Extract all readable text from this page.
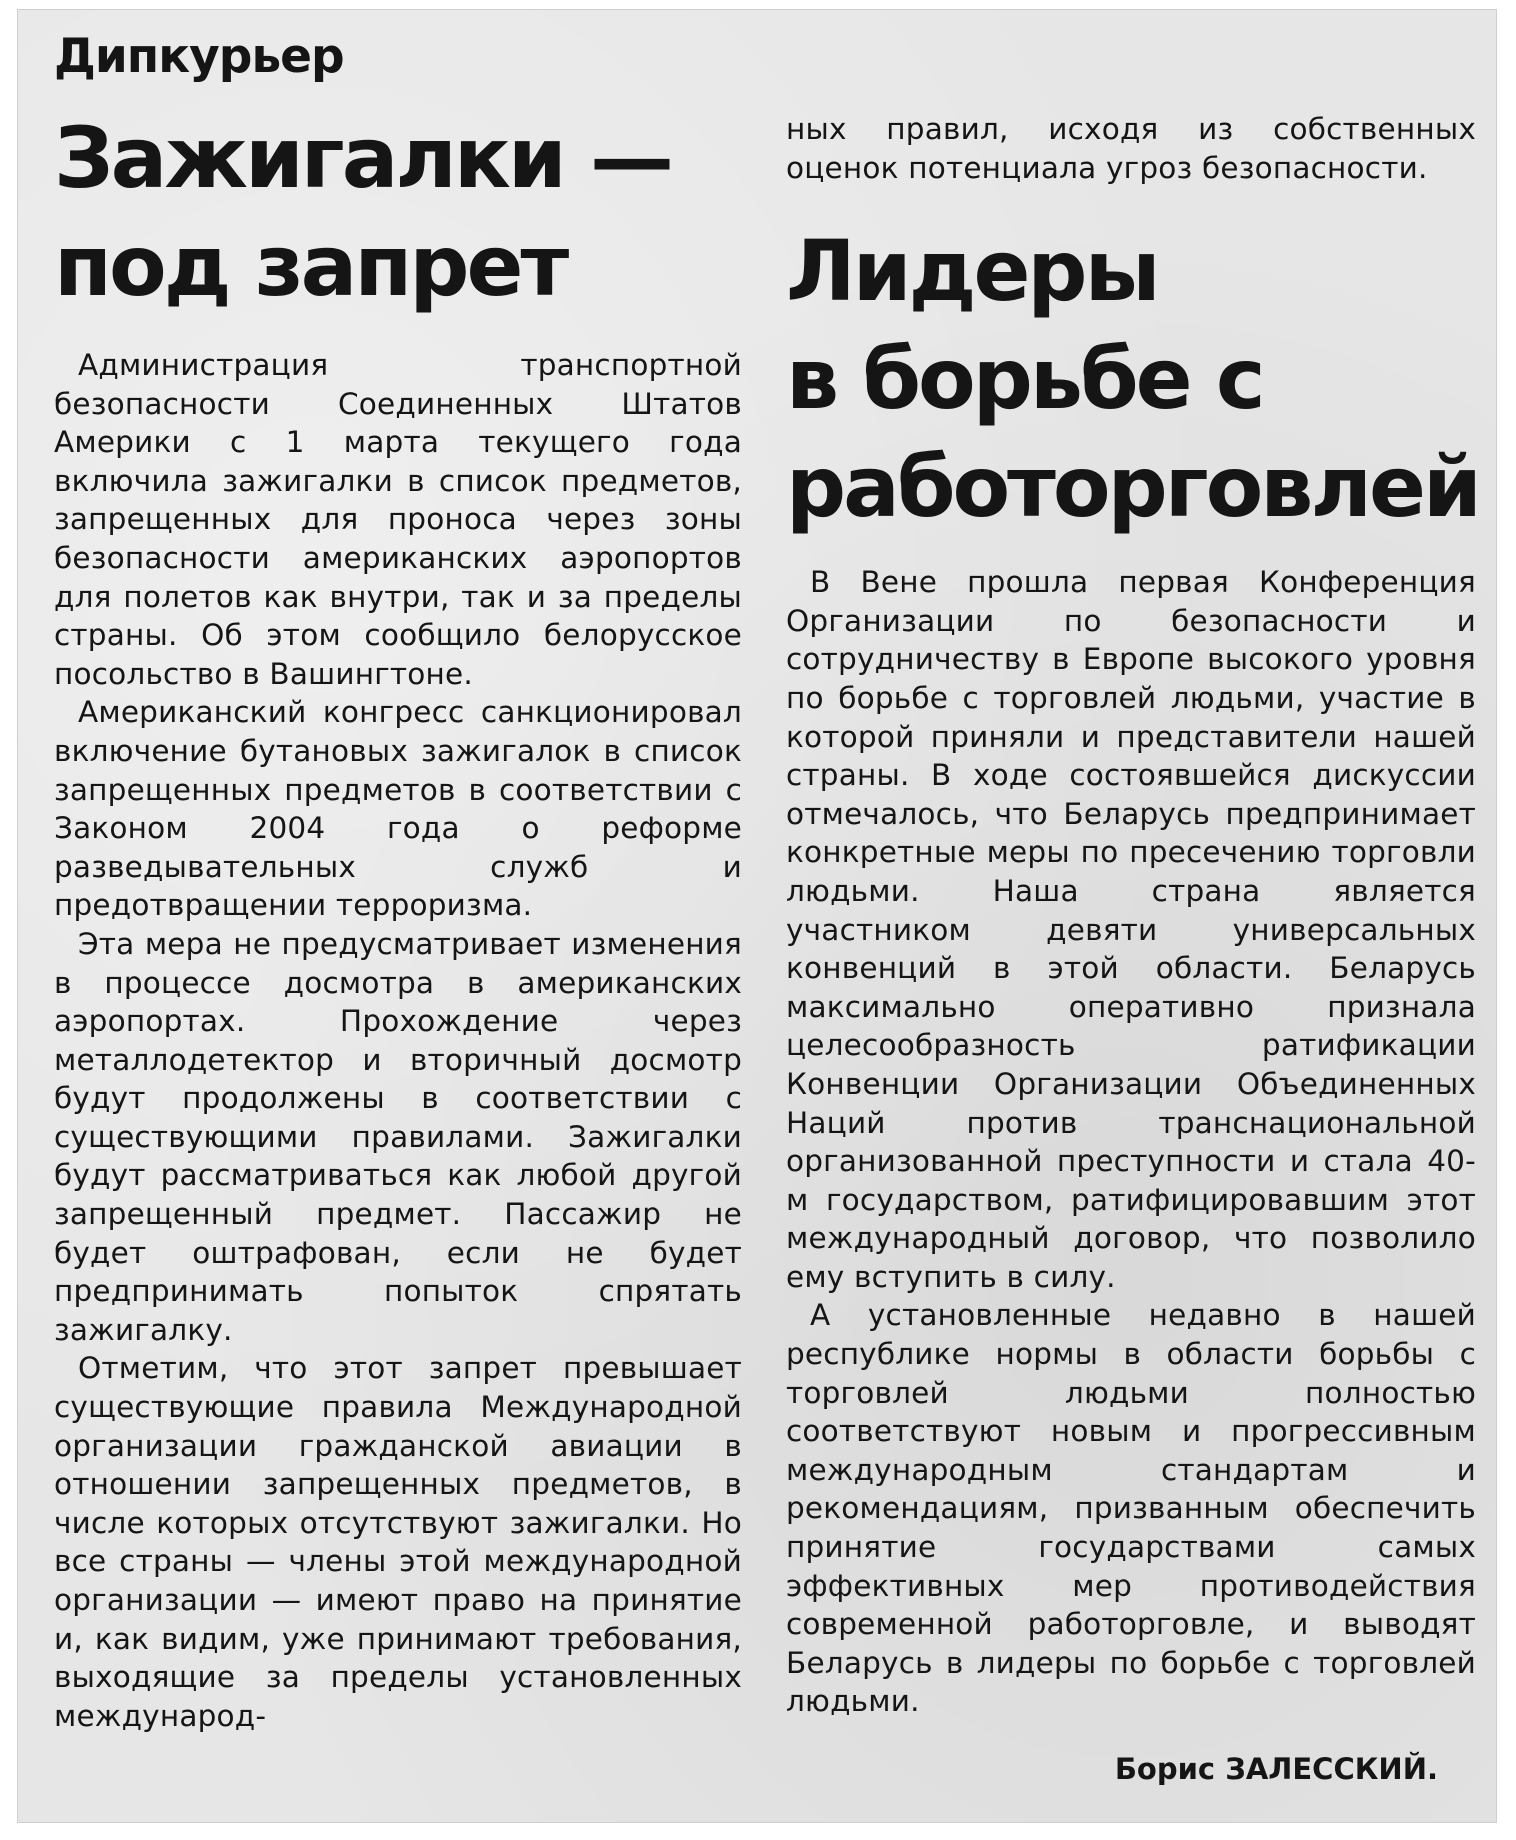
Дипкурьер
Зажигалки —
под запрет

Администрация транспортной безопасности Соединенных Штатов Америки с 1 марта текущего года включила зажигалки в список предметов, запрещенных для проноса через зоны безопасности американских аэропортов для полетов как внутри, так и за пределы страны. Об этом сообщило белорусское посольство в Вашингтоне.

Американский конгресс санкционировал включение бутановых зажигалок в список запрещенных предметов в соответствии с Законом 2004 года о реформе разведывательных служб и предотвращении терроризма.

Эта мера не предусматривает изменения в процессе досмотра в американских аэропортах. Прохождение через металлодетектор и вторичный досмотр будут продолжены в соответствии с существующими правилами. Зажигалки будут рассматриваться как любой другой запрещенный предмет. Пассажир не будет оштрафован, если не будет предпринимать попыток спрятать зажигалку.

Отметим, что этот запрет превышает существующие правила Международной организации гражданской авиации в отношении запрещенных предметов, в числе которых отсутствуют зажигалки. Но все страны — члены этой международной организации — имеют право на принятие и, как видим, уже принимают требования, выходящие за пределы установленных международ-

ных правил, исходя из собственных оценок потенциала угроз безопасности.

Лидеры
в борьбе с
работорговлей

В Вене прошла первая Конференция Организации по безопасности и сотрудничеству в Европе высокого уровня по борьбе с торговлей людьми, участие в которой приняли и представители нашей страны. В ходе состоявшейся дискуссии отмечалось, что Беларусь предпринимает конкретные меры по пресечению торговли людьми. Наша страна является участником девяти универсальных конвенций в этой области. Беларусь максимально оперативно признала целесообразность ратификации Конвенции Организации Объединенных Наций против транснациональной организованной преступности и стала 40-м государством, ратифицировавшим этот международный договор, что позволило ему вступить в силу.

А установленные недавно в нашей республике нормы в области борьбы с торговлей людьми полностью соответствуют новым и прогрессивным международным стандартам и рекомендациям, призванным обеспечить принятие государствами самых эффективных мер противодействия современной работорговле, и выводят Беларусь в лидеры по борьбе с торговлей людьми.

Борис ЗАЛЕССКИЙ.
